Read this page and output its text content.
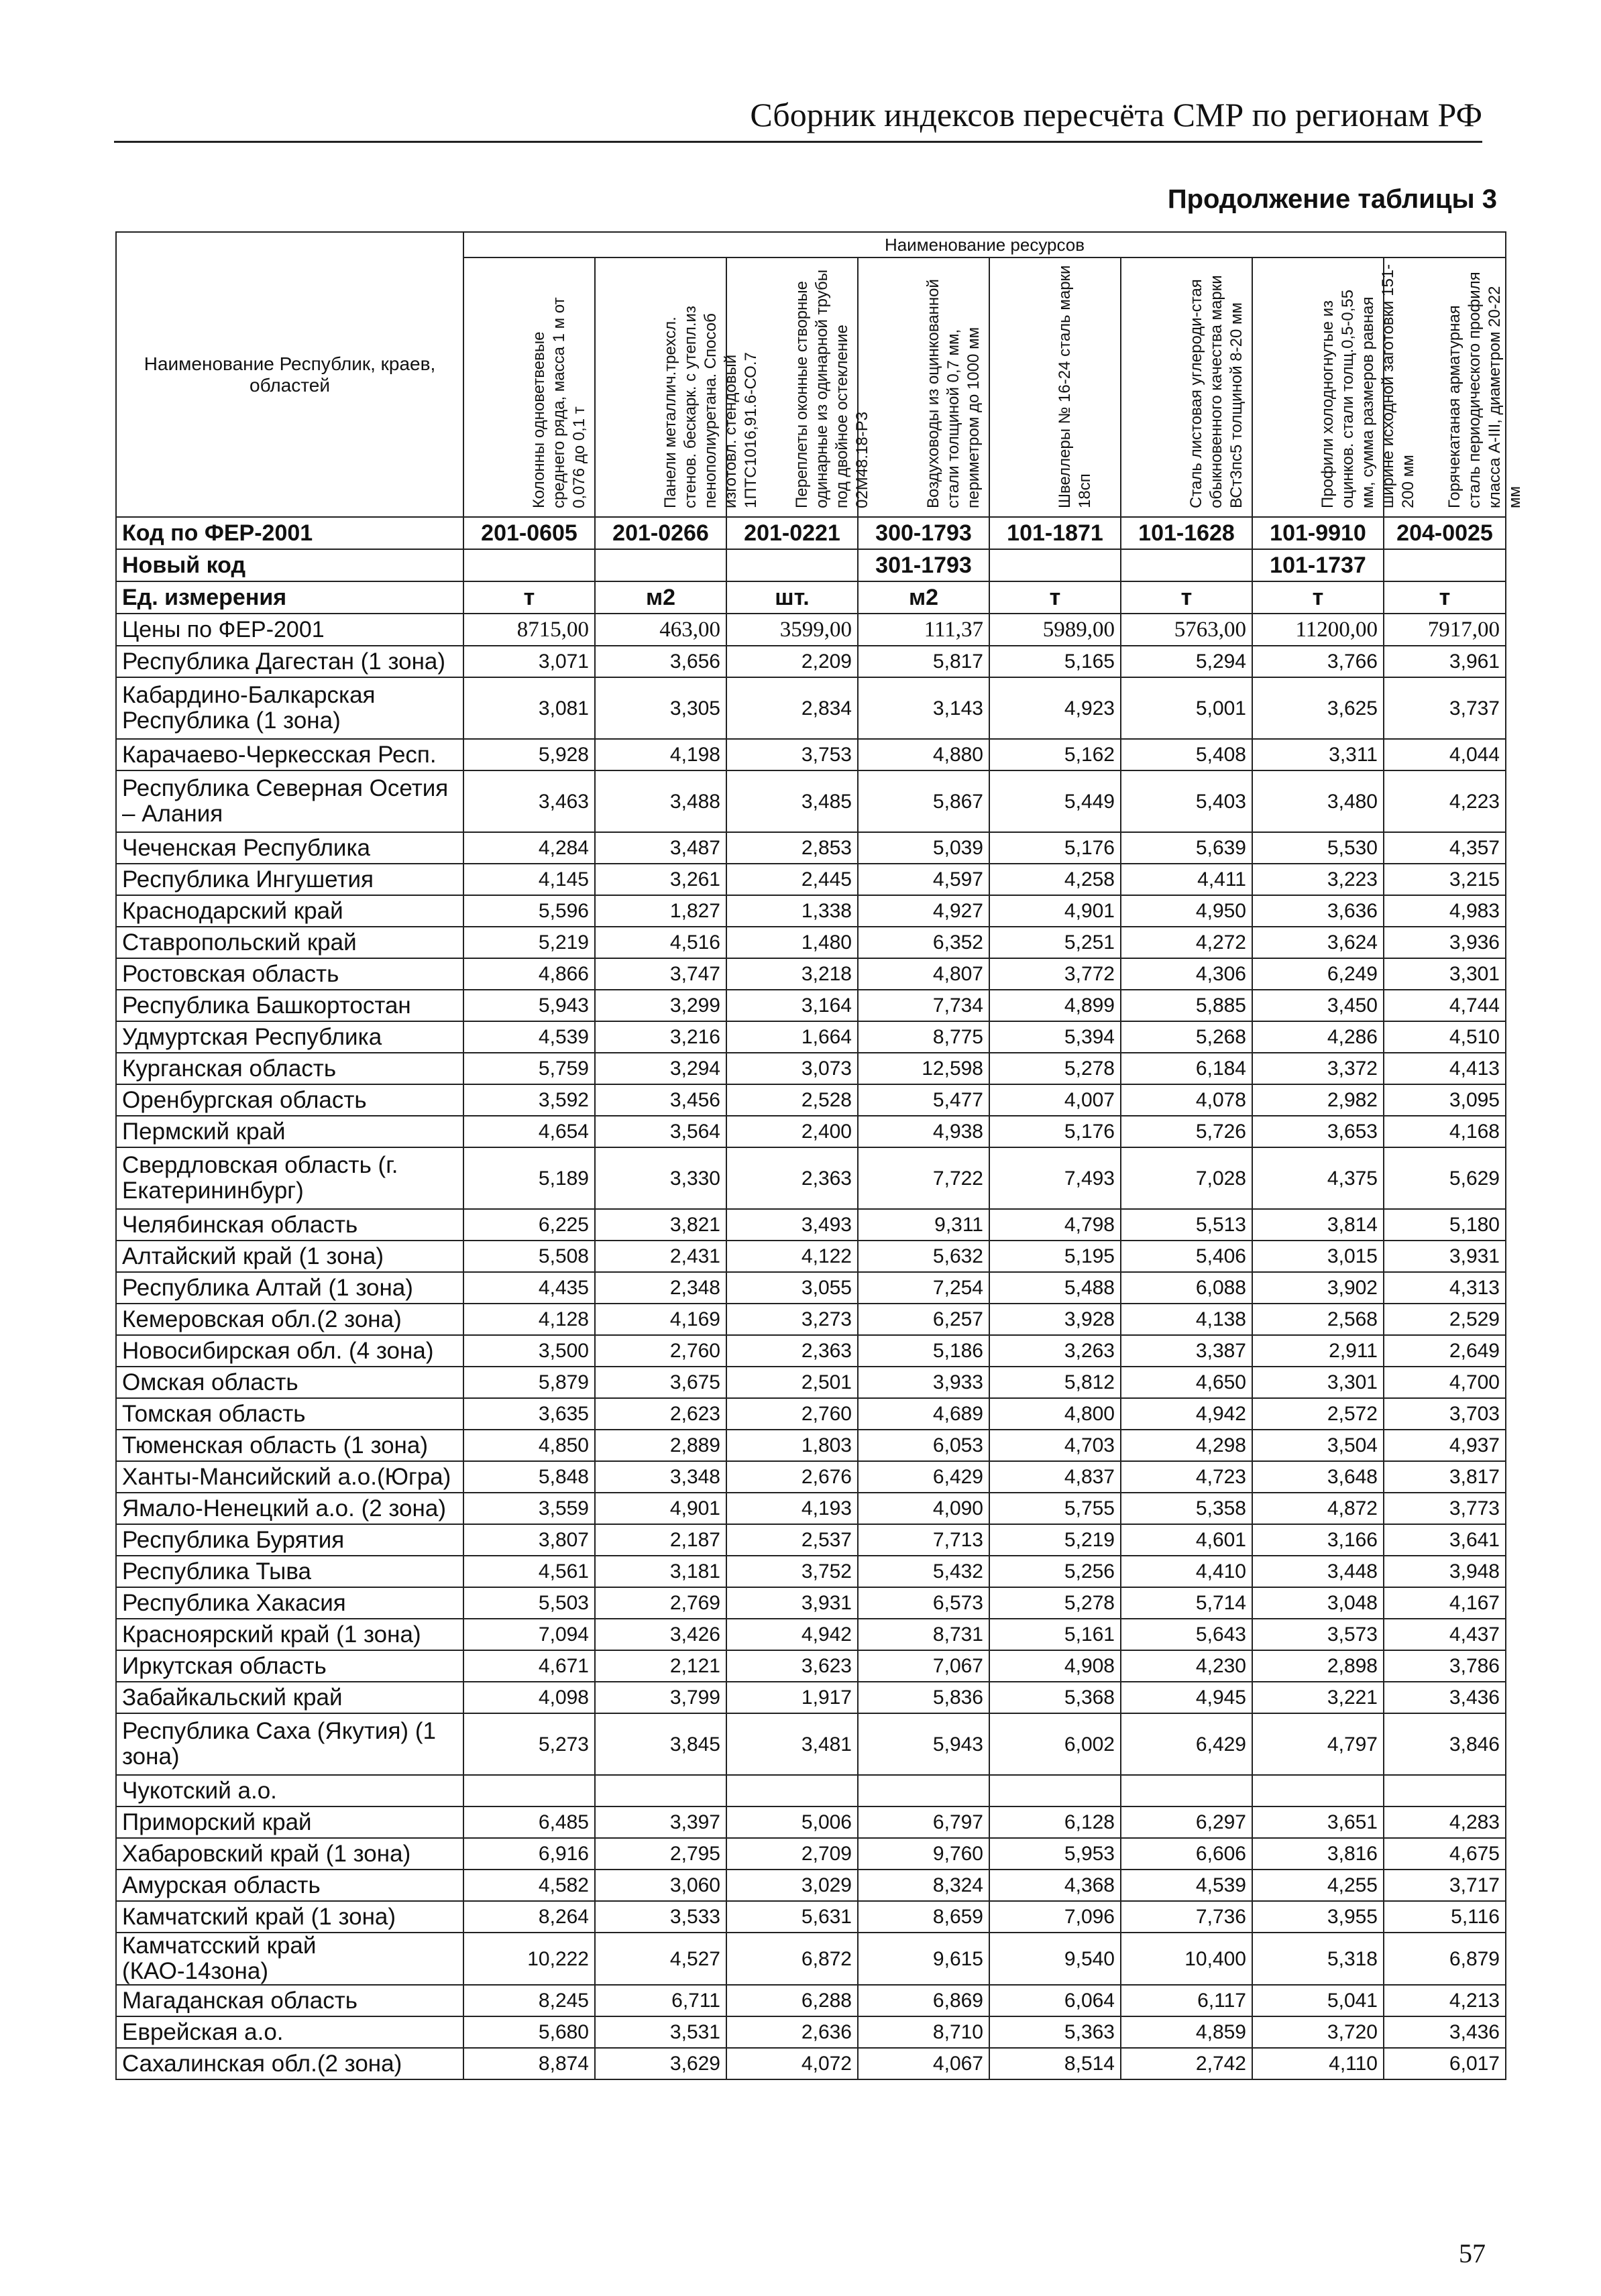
Сборник индексов пересчёта СМР по регионам РФ
Продолжение таблицы 3
Наименование Республик, краев, областей	Наименование ресурсов							

	Колонны одноветвевые среднего ряда, масса 1 м от 0,076 до 0,1 т	Панели металлич.трехсл. стенов. бескарк. с утепл.из пенополиуретана. Способ изготовл. стендовый 1ПТС1016,91.6-СО.7	Переплеты оконные створные одинарные из одинарной трубы под двойное остекление 02М48.18-Р3	Воздуховоды из оцинкованной стали толщиной 0,7 мм, периметром до 1000 мм	Швеллеры № 16-24 сталь марки 18сп	Сталь листовая углероди-стая обыкновенного качества марки ВСт3пс5 толщиной 8-20 мм	Профили холодногнутые из оцинков. стали толщ.0,5-0,55 мм, сумма размеров равная ширине исходной заготовки 151-200 мм	Горячекатаная арматурная сталь периодического профиля класса А-III, диаметром 20-22 мм

Код по ФЕР-2001	201-0605	201-0266	201-0221	300-1793	101-1871	101-1628	101-9910	204-0025
Новый код				301-1793			101-1737	
Ед. измерения	т	м2	шт.	м2	т	т	т	т
Цены по ФЕР-2001	8715,00	463,00	3599,00	111,37	5989,00	5763,00	11200,00	7917,00
Республика Дагестан (1 зона)	3,071	3,656	2,209	5,817	5,165	5,294	3,766	3,961
Кабардино-Балкарская Республика (1 зона)	3,081	3,305	2,834	3,143	4,923	5,001	3,625	3,737
Карачаево-Черкесская Респ.	5,928	4,198	3,753	4,880	5,162	5,408	3,311	4,044
Республика Северная Осетия – Алания	3,463	3,488	3,485	5,867	5,449	5,403	3,480	4,223
Чеченская Республика	4,284	3,487	2,853	5,039	5,176	5,639	5,530	4,357
Республика Ингушетия	4,145	3,261	2,445	4,597	4,258	4,411	3,223	3,215
Краснодарский край	5,596	1,827	1,338	4,927	4,901	4,950	3,636	4,983
Ставропольский край	5,219	4,516	1,480	6,352	5,251	4,272	3,624	3,936
Ростовская область	4,866	3,747	3,218	4,807	3,772	4,306	6,249	3,301
Республика Башкортостан	5,943	3,299	3,164	7,734	4,899	5,885	3,450	4,744
Удмуртская Республика	4,539	3,216	1,664	8,775	5,394	5,268	4,286	4,510
Курганская область	5,759	3,294	3,073	12,598	5,278	6,184	3,372	4,413
Оренбургская область	3,592	3,456	2,528	5,477	4,007	4,078	2,982	3,095
Пермский край	4,654	3,564	2,400	4,938	5,176	5,726	3,653	4,168
Свердловская область (г. Екатерининбург)	5,189	3,330	2,363	7,722	7,493	7,028	4,375	5,629
Челябинская область	6,225	3,821	3,493	9,311	4,798	5,513	3,814	5,180
Алтайский край (1 зона)	5,508	2,431	4,122	5,632	5,195	5,406	3,015	3,931
Республика Алтай (1 зона)	4,435	2,348	3,055	7,254	5,488	6,088	3,902	4,313
Кемеровская обл.(2 зона)	4,128	4,169	3,273	6,257	3,928	4,138	2,568	2,529
Новосибирская обл. (4 зона)	3,500	2,760	2,363	5,186	3,263	3,387	2,911	2,649
Омская область	5,879	3,675	2,501	3,933	5,812	4,650	3,301	4,700
Томская область	3,635	2,623	2,760	4,689	4,800	4,942	2,572	3,703
Тюменская область (1 зона)	4,850	2,889	1,803	6,053	4,703	4,298	3,504	4,937
Ханты-Мансийский а.о.(Югра)	5,848	3,348	2,676	6,429	4,837	4,723	3,648	3,817
Ямало-Ненецкий а.о. (2 зона)	3,559	4,901	4,193	4,090	5,755	5,358	4,872	3,773
Республика Бурятия	3,807	2,187	2,537	7,713	5,219	4,601	3,166	3,641
Республика Тыва	4,561	3,181	3,752	5,432	5,256	4,410	3,448	3,948
Республика Хакасия	5,503	2,769	3,931	6,573	5,278	5,714	3,048	4,167
Красноярский край (1 зона)	7,094	3,426	4,942	8,731	5,161	5,643	3,573	4,437
Иркутская область	4,671	2,121	3,623	7,067	4,908	4,230	2,898	3,786
Забайкальский край	4,098	3,799	1,917	5,836	5,368	4,945	3,221	3,436
Республика Саха (Якутия) (1 зона)	5,273	3,845	3,481	5,943	6,002	6,429	4,797	3,846
Чукотский а.о.								
Приморский край	6,485	3,397	5,006	6,797	6,128	6,297	3,651	4,283
Хабаровский край (1 зона)	6,916	2,795	2,709	9,760	5,953	6,606	3,816	4,675
Амурская область	4,582	3,060	3,029	8,324	4,368	4,539	4,255	3,717
Камчатский край (1 зона)	8,264	3,533	5,631	8,659	7,096	7,736	3,955	5,116
Камчатсский край (КАО-14зона)	10,222	4,527	6,872	9,615	9,540	10,400	5,318	6,879
Магаданская область	8,245	6,711	6,288	6,869	6,064	6,117	5,041	4,213
Еврейская а.о.	5,680	3,531	2,636	8,710	5,363	4,859	3,720	3,436
Сахалинская обл.(2 зона)	8,874	3,629	4,072	4,067	8,514	2,742	4,110	6,017
57
